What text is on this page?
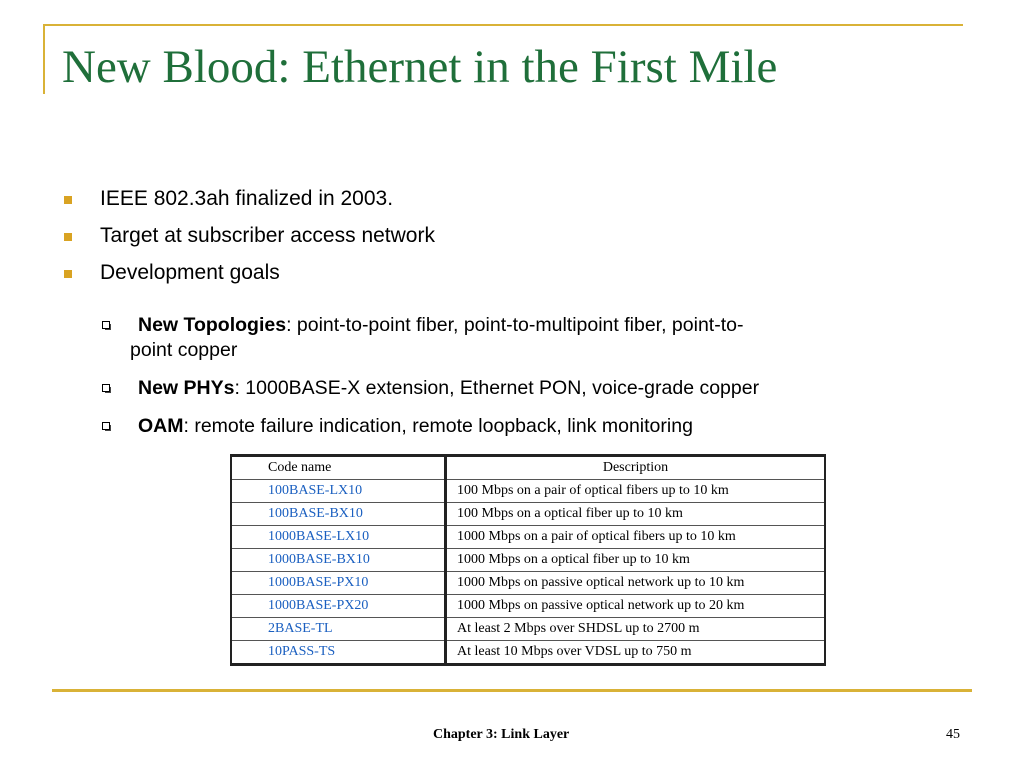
New Blood: Ethernet in the First Mile
IEEE 802.3ah finalized in 2003.
Target at subscriber access network
Development goals
New Topologies: point-to-point fiber, point-to-multipoint fiber, point-to-
point copper
New PHYs: 1000BASE-X extension, Ethernet PON, voice-grade copper
OAM: remote failure indication, remote loopback, link monitoring
Code name	Description
100BASE-LX10	100 Mbps on a pair of optical fibers up to 10 km
100BASE-BX10	100 Mbps on a optical fiber up to 10 km
1000BASE-LX10	1000 Mbps on a pair of optical fibers up to 10 km
1000BASE-BX10	1000 Mbps on a optical fiber up to 10 km
1000BASE-PX10	1000 Mbps on passive optical network up to 10 km
1000BASE-PX20	1000 Mbps on passive optical network up to 20 km
2BASE-TL	At least 2 Mbps over SHDSL up to 2700 m
10PASS-TS	At least 10 Mbps over VDSL up to 750 m
Chapter 3: Link Layer	45
